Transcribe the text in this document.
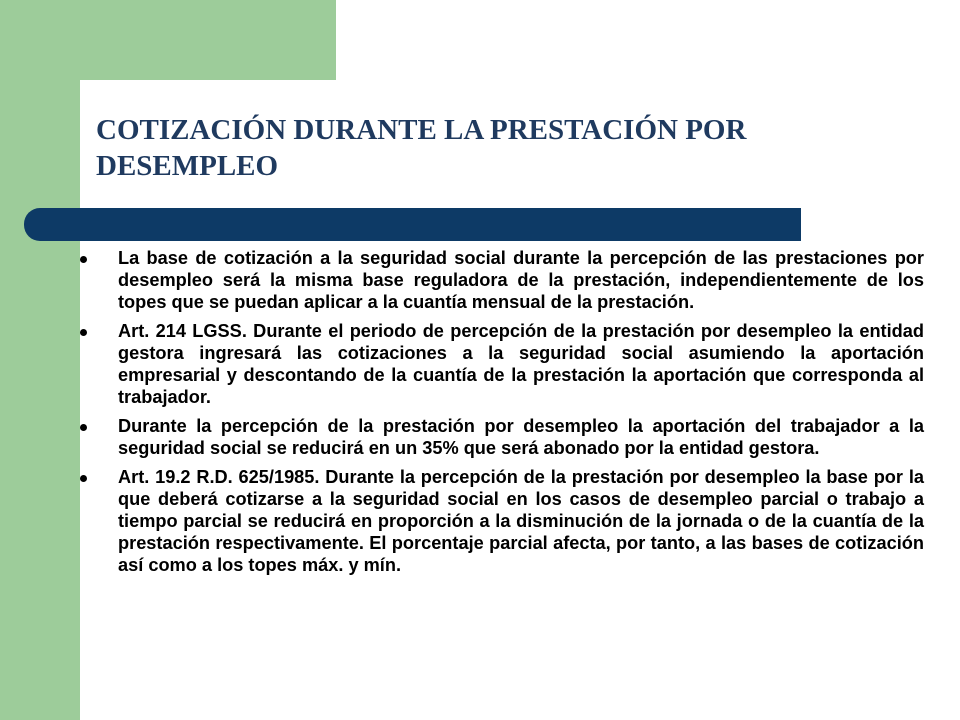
COTIZACIÓN DURANTE LA PRESTACIÓN POR DESEMPLEO
La base de cotización a la seguridad social durante la percepción de las prestaciones por desempleo será la misma base reguladora de la prestación, independientemente de los topes que se puedan aplicar a la cuantía mensual de la prestación.
Art. 214 LGSS. Durante el periodo de percepción de la prestación por desempleo la entidad gestora ingresará las cotizaciones a la seguridad social asumiendo la aportación empresarial y descontando de la cuantía de la prestación la aportación que corresponda al trabajador.
Durante la percepción de la prestación por desempleo la aportación del trabajador a la seguridad social se reducirá en un 35% que será abonado por la entidad gestora.
Art. 19.2 R.D. 625/1985. Durante la percepción de la prestación por desempleo la base por la que deberá cotizarse a la seguridad social en los casos de desempleo parcial o trabajo a tiempo parcial se reducirá en proporción a la disminución de la jornada o de la cuantía de la prestación respectivamente. El porcentaje parcial afecta, por tanto, a las bases de cotización así como a los topes máx. y mín.
